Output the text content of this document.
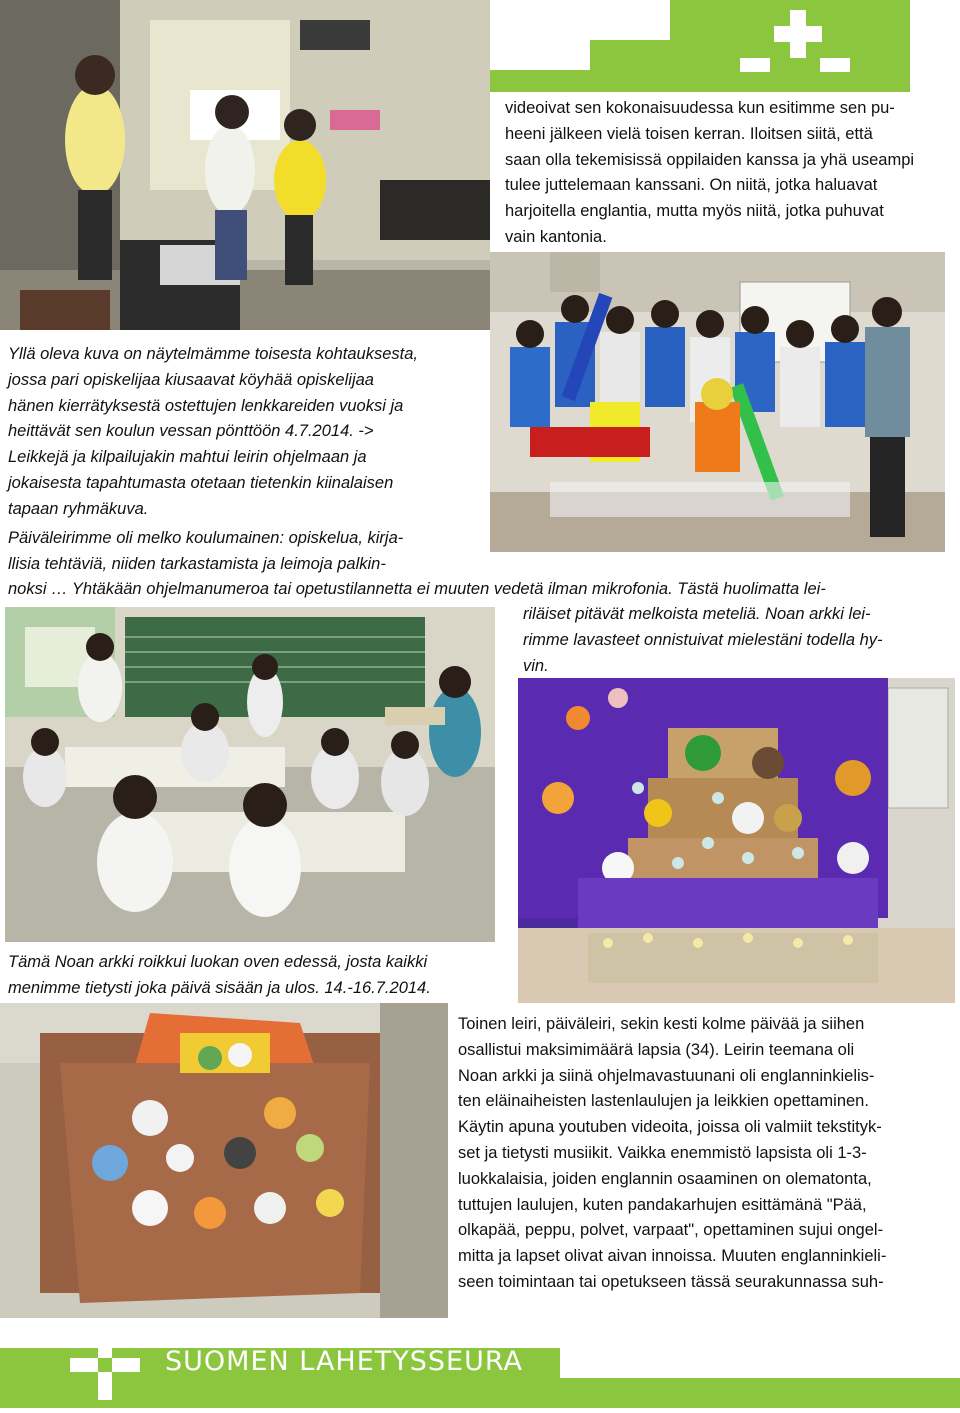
videoivat sen kokonaisuudessa kun esitimme sen pu-
heeni jälkeen vielä toisen kerran. Iloitsen siitä, että
saan olla tekemisissä oppilaiden kanssa ja yhä useampi
tulee juttelemaan kanssani. On niitä, jotka haluavat
harjoitella englantia, mutta myös niitä, jotka puhuvat
vain kantonia.

Yllä oleva kuva on näytelmämme toisesta kohtauksesta,
jossa pari opiskelijaa kiusaavat köyhää opiskelijaa
hänen kierrätyksestä ostettujen lenkkareiden vuoksi ja
heittävät sen koulun vessan pönttöön 4.7.2014. ->
Leikkejä ja kilpailujakin mahtui leirin ohjelmaan ja
jokaisesta tapahtumasta otetaan tietenkin kiinalaisen
tapaan ryhmäkuva.

Päiväleirimme oli melko koulumainen: opiskelua, kirja-
llisia tehtäviä, niiden tarkastamista ja leimoja palkin-

noksi … Yhtäkään ohjelmanumeroa tai opetustilannetta ei muuten vedetä ilman mikrofonia. Tästä huolimatta lei-

riläiset pitävät melkoista meteliä. Noan arkki lei-
rimme lavasteet onnistuivat mielestäni todella hy-
vin.

Tämä Noan arkki roikkui luokan oven edessä, josta kaikki
menimme tietysti joka päivä sisään ja ulos. 14.-16.7.2014.

Toinen leiri, päiväleiri, sekin kesti kolme päivää ja siihen
osallistui maksimimäärä lapsia (34). Leirin teemana oli
Noan arkki ja siinä ohjelmavastuunani oli englanninkielis-
ten eläinaiheisten lastenlaulujen ja leikkien opettaminen.
Käytin apuna youtuben videoita, joissa oli valmiit tekstityk-
set ja tietysti musiikit. Vaikka enemmistö lapsista oli 1-3-
luokkalaisia, joiden englannin osaaminen on olematonta,
tuttujen laulujen, kuten pandakarhujen esittämänä "Pää,
olkapää, peppu, polvet, varpaat", opettaminen sujui ongel-
mitta ja lapset olivat aivan innoissa. Muuten englanninkieli-
seen toimintaan tai opetukseen tässä seurakunnassa suh-

SUOMEN LÄHETYSSEURA
